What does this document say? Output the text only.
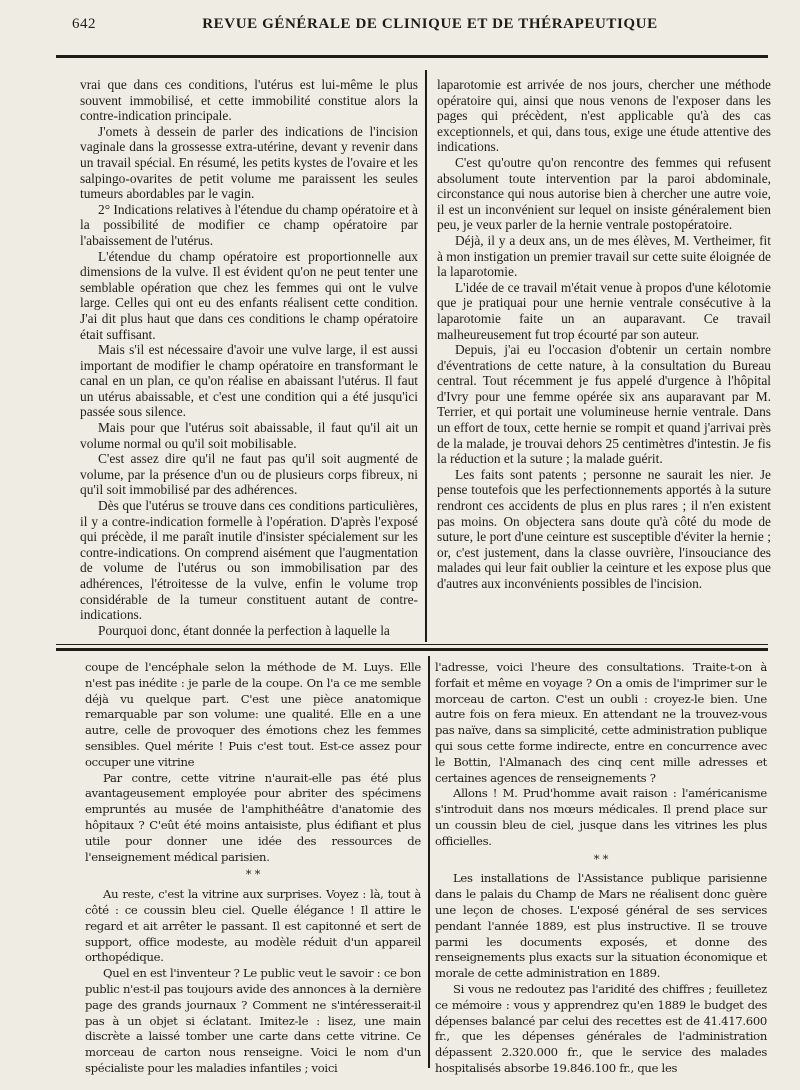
642	REVUE GÉNÉRALE DE CLINIQUE ET DE THÉRAPEUTIQUE

vrai que dans ces conditions, l'utérus est lui-même le plus souvent immobilisé, et cette immobilité constitue alors la contre-indication principale.

J'omets à dessein de parler des indications de l'incision vaginale dans la grossesse extra-utérine, devant y revenir dans un travail spécial. En résumé, les petits kystes de l'ovaire et les salpingo-ovarites de petit volume me paraissent les seules tumeurs abordables par le vagin.

2° Indications relatives à l'étendue du champ opératoire et à la possibilité de modifier ce champ opératoire par l'abaissement de l'utérus.

L'étendue du champ opératoire est proportionnelle aux dimensions de la vulve. Il est évident qu'on ne peut tenter une semblable opération que chez les femmes qui ont le vulve large. Celles qui ont eu des enfants réalisent cette condition. J'ai dit plus haut que dans ces conditions le champ opératoire était suffisant.

Mais s'il est nécessaire d'avoir une vulve large, il est aussi important de modifier le champ opératoire en transformant le canal en un plan, ce qu'on réalise en abaissant l'utérus. Il faut un utérus abaissable, et c'est une condition qui a été jusqu'ici passée sous silence.

Mais pour que l'utérus soit abaissable, il faut qu'il ait un volume normal ou qu'il soit mobilisable.

C'est assez dire qu'il ne faut pas qu'il soit augmenté de volume, par la présence d'un ou de plusieurs corps fibreux, ni qu'il soit immobilisé par des adhérences.

Dès que l'utérus se trouve dans ces conditions particulières, il y a contre-indication formelle à l'opération. D'après l'exposé qui précède, il me paraît inutile d'insister spécialement sur les contre-indications. On comprend aisément que l'augmentation de volume de l'utérus ou son immobilisation par des adhérences, l'étroitesse de la vulve, enfin le volume trop considérable de la tumeur constituent autant de contre-indications.

Pourquoi donc, étant donnée la perfection à laquelle la

laparotomie est arrivée de nos jours, chercher une méthode opératoire qui, ainsi que nous venons de l'exposer dans les pages qui précèdent, n'est applicable qu'à des cas exceptionnels, et qui, dans tous, exige une étude attentive des indications.

C'est qu'outre qu'on rencontre des femmes qui refusent absolument toute intervention par la paroi abdominale, circonstance qui nous autorise bien à chercher une autre voie, il est un inconvénient sur lequel on insiste généralement bien peu, je veux parler de la hernie ventrale postopératoire.

Déjà, il y a deux ans, un de mes élèves, M. Vertheimer, fit à mon instigation un premier travail sur cette suite éloignée de la laparotomie.

L'idée de ce travail m'était venue à propos d'une kélotomie que je pratiquai pour une hernie ventrale consécutive à la laparotomie faite un an auparavant. Ce travail malheureusement fut trop écourté par son auteur.

Depuis, j'ai eu l'occasion d'obtenir un certain nombre d'éventrations de cette nature, à la consultation du Bureau central. Tout récemment je fus appelé d'urgence à l'hôpital d'Ivry pour une femme opérée six ans auparavant par M. Terrier, et qui portait une volumineuse hernie ventrale. Dans un effort de toux, cette hernie se rompit et quand j'arrivai près de la malade, je trouvai dehors 25 centimètres d'intestin. Je fis la réduction et la suture ; la malade guérit.

Les faits sont patents ; personne ne saurait les nier. Je pense toutefois que les perfectionnements apportés à la suture rendront ces accidents de plus en plus rares ; il n'en existent pas moins. On objectera sans doute qu'à côté du mode de suture, le port d'une ceinture est susceptible d'éviter la hernie ; or, c'est justement, dans la classe ouvrière, l'insouciance des malades qui leur fait oublier la ceinture et les expose plus que d'autres aux inconvénients possibles de l'incision.

coupe de l'encéphale selon la méthode de M. Luys. Elle n'est pas inédite : je parle de la coupe. On l'a ce me semble déjà vu quelque part. C'est une pièce anatomique remarquable par son volume: une qualité. Elle en a une autre, celle de provoquer des émotions chez les femmes sensibles. Quel mérite ! Puis c'est tout. Est-ce assez pour occuper une vitrine

Par contre, cette vitrine n'aurait-elle pas été plus avantageusement employée pour abriter des spécimens empruntés au musée de l'amphithéâtre d'anatomie des hôpitaux ? C'eût été moins antaisiste, plus édifiant et plus utile pour donner une idée des ressources de l'enseignement médical parisien.

* *

Au reste, c'est la vitrine aux surprises. Voyez : là, tout à côté : ce coussin bleu ciel. Quelle élégance ! Il attire le regard et ait arrêter le passant. Il est capitonné et sert de support, office modeste, au modèle réduit d'un appareil orthopédique.

Quel en est l'inventeur ? Le public veut le savoir : ce bon public n'est-il pas toujours avide des annonces à la dernière page des grands journaux ? Comment ne s'intéresserait-il pas à un objet si éclatant. Imitez-le : lisez, une main discrète a laissé tomber une carte dans cette vitrine. Ce morceau de carton nous renseigne. Voici le nom d'un spécialiste pour les maladies infantiles ; voici

l'adresse, voici l'heure des consultations. Traite-t-on à forfait et même en voyage ? On a omis de l'imprimer sur le morceau de carton. C'est un oubli : croyez-le bien. Une autre fois on fera mieux. En attendant ne la trouvez-vous pas naïve, dans sa simplicité, cette administration publique qui sous cette forme indirecte, entre en concurrence avec le Bottin, l'Almanach des cinq cent mille adresses et certaines agences de renseignements ?

Allons ! M. Prud'homme avait raison : l'américanisme s'introduit dans nos mœurs médicales. Il prend place sur un coussin bleu de ciel, jusque dans les vitrines les plus officielles.

* *

Les installations de l'Assistance publique parisienne dans le palais du Champ de Mars ne réalisent donc guère une leçon de choses. L'exposé général de ses services pendant l'année 1889, est plus instructive. Il se trouve parmi les documents exposés, et donne des renseignements plus exacts sur la situation économique et morale de cette administration en 1889.

Si vous ne redoutez pas l'aridité des chiffres ; feuilletez ce mémoire : vous y apprendrez qu'en 1889 le budget des dépenses balancé par celui des recettes est de 41.417.600 fr., que les dépenses générales de l'administration dépassent 2.320.000 fr., que le service des malades hospitalisés absorbe 19.846.100 fr., que les
